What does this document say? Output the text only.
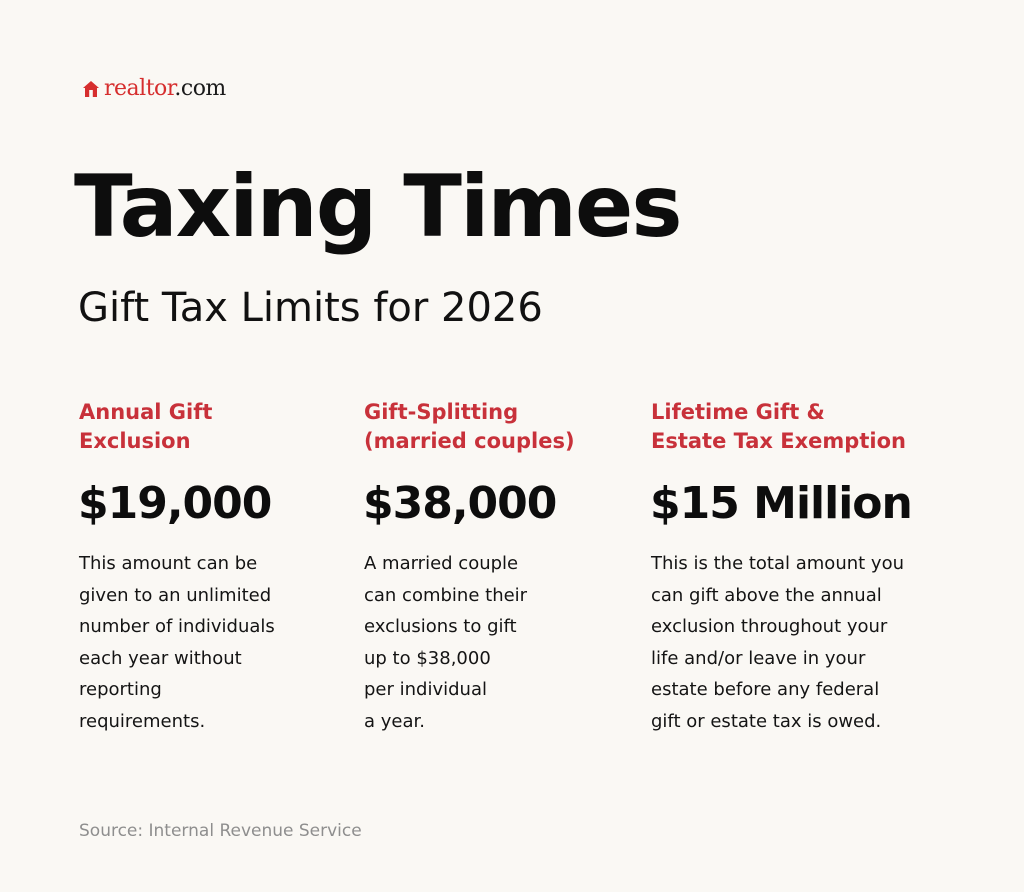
realtor.com
Taxing Times
Gift Tax Limits for 2026
Annual Gift
Exclusion

$19,000

This amount can be
given to an unlimited
number of individuals
each year without
reporting
requirements.

Gift-Splitting
(married couples)

$38,000

A married couple
can combine their
exclusions to gift
up to $38,000
per individual
a year.

Lifetime Gift &
Estate Tax Exemption

$15 Million

This is the total amount you
can gift above the annual
exclusion throughout your
life and/or leave in your
estate before any federal
gift or estate tax is owed.

Source: Internal Revenue Service
